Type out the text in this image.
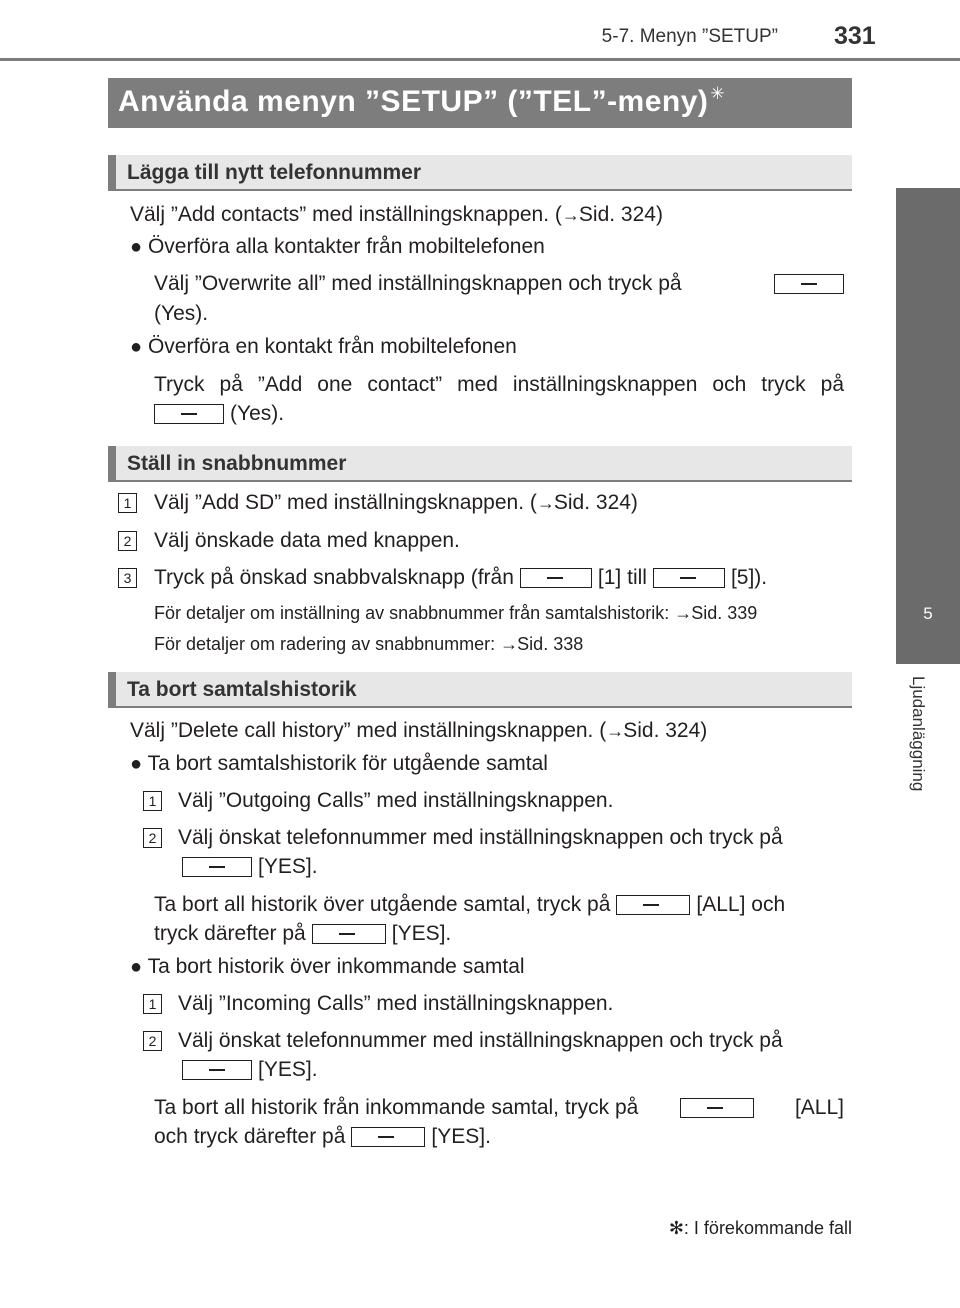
5-7. Menyn ”SETUP” 331
5
Ljudanläggning
Använda menyn ”SETUP” (”TEL”-meny) ✳
Lägga till nytt telefonnummer
Välj ”Add contacts” med inställningsknappen. (→Sid. 324)
● Överföra alla kontakter från mobiltelefonen
Välj ”Overwrite all” med inställningsknappen och tryck på
(Yes).
● Överföra en kontakt från mobiltelefonen
Tryck på ”Add one contact” med inställningsknappen och tryck på
(Yes).
Ställ in snabbnummer
1 Välj ”Add SD” med inställningsknappen. (→Sid. 324)
2 Välj önskade data med knappen.
3 Tryck på önskad snabbvalsknapp (från	[1] till	[5]).
För detaljer om inställning av snabbnummer från samtalshistorik: →Sid. 339
För detaljer om radering av snabbnummer: →Sid. 338
Ta bort samtalshistorik
Välj ”Delete call history” med inställningsknappen. (→Sid. 324)
● Ta bort samtalshistorik för utgående samtal
1 Välj ”Outgoing Calls” med inställningsknappen.
2 Välj önskat telefonnummer med inställningsknappen och tryck på
[YES].
Ta bort all historik över utgående samtal, tryck på	[ALL] och
tryck därefter på	[YES].
● Ta bort historik över inkommande samtal
1 Välj ”Incoming Calls” med inställningsknappen.
2 Välj önskat telefonnummer med inställningsknappen och tryck på
[YES].
Ta bort all historik från inkommande samtal, tryck på	[ALL]
och tryck därefter på	[YES].
✻: I förekommande fall
